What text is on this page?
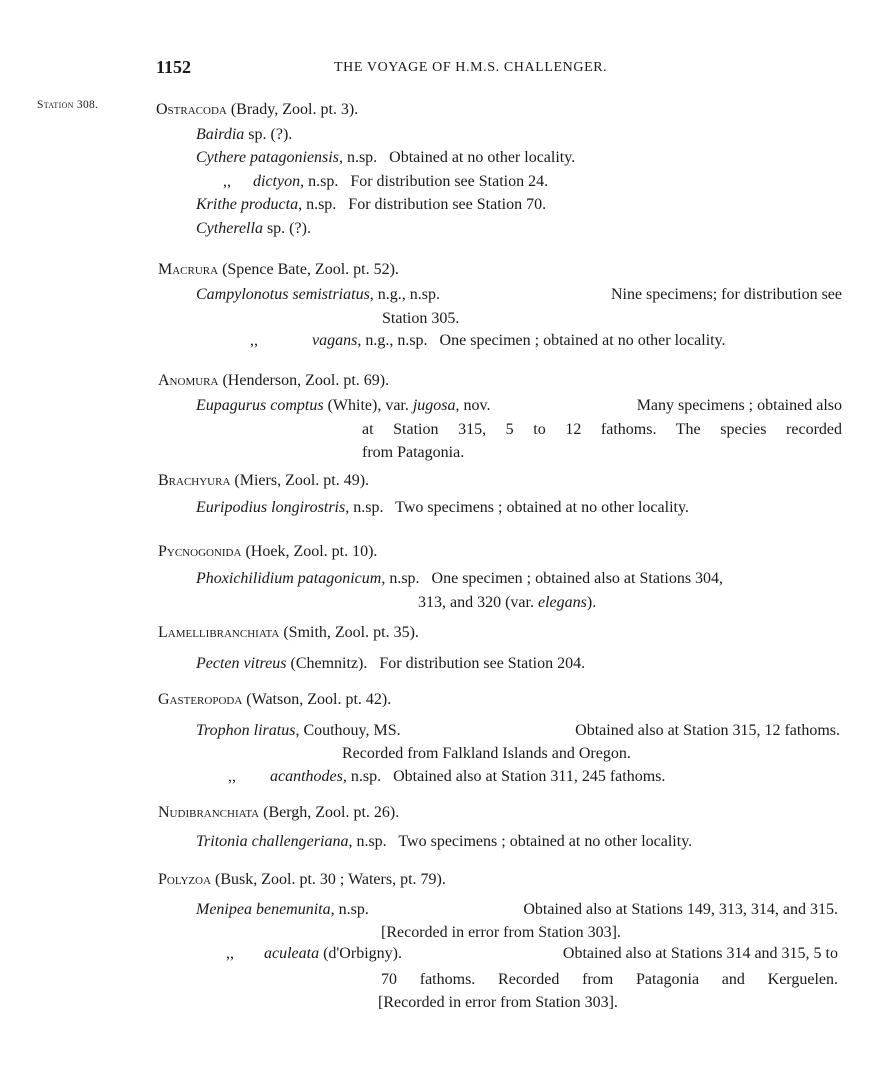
1152	THE VOYAGE OF H.M.S. CHALLENGER.
Station 308.	Ostracoda (Brady, Zool. pt. 3).
Bairdia sp. (?).
Cythere patagoniensis, n.sp.   Obtained at no other locality.
,, dictyon, n.sp.   For distribution see Station 24.
Krithe producta, n.sp.   For distribution see Station 70.
Cytherella sp. (?).
Macrura (Spence Bate, Zool. pt. 52).
Campylonotus semistriatus, n.g., n.sp.	Nine specimens; for distribution see
Station 305.
,,	vagans, n.g., n.sp.   One specimen ; obtained at no other locality.
Anomura (Henderson, Zool. pt. 69).
Eupagurus comptus (White), var. jugosa, nov.	Many specimens ; obtained also
at Station 315, 5 to 12 fathoms. The species recorded
from Patagonia.
Brachyura (Miers, Zool. pt. 49).
Euripodius longirostris, n.sp.   Two specimens ; obtained at no other locality.
Pycnogonida (Hoek, Zool. pt. 10).
Phoxichilidium patagonicum, n.sp.   One specimen ; obtained also at Stations 304,
313, and 320 (var. elegans).
Lamellibranchiata (Smith, Zool. pt. 35).
Pecten vitreus (Chemnitz).   For distribution see Station 204.
Gasteropoda (Watson, Zool. pt. 42).
Trophon liratus, Couthouy, MS.	Obtained also at Station 315, 12 fathoms.
Recorded from Falkland Islands and Oregon.
,, acanthodes, n.sp.   Obtained also at Station 311, 245 fathoms.
Nudibranchiata (Bergh, Zool. pt. 26).
Tritonia challengeriana, n.sp.   Two specimens ; obtained at no other locality.
Polyzoa (Busk, Zool. pt. 30 ; Waters, pt. 79).
Menipea benemunita, n.sp.	Obtained also at Stations 149, 313, 314, and 315.
[Recorded in error from Station 303].
,, aculeata (d'Orbigny).	Obtained also at Stations 314 and 315, 5 to
70 fathoms. Recorded from Patagonia and Kerguelen.
[Recorded in error from Station 303].
